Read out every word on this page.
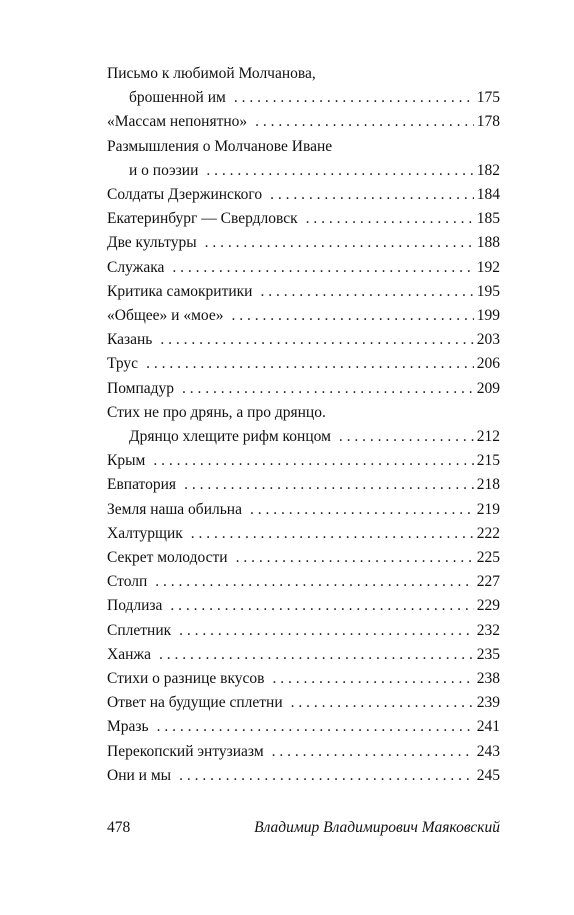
Письмо к любимой Молчанова,
брошенной им . . .	175
«Массам непонятно» . . .	178
Размышления о Молчанове Иване
и о поэзии . . .	182
Солдаты Дзержинского . . .	184
Екатеринбург — Свердловск . . .	185
Две культуры . . .	188
Служака . . .	192
Критика самокритики . . .	195
«Общее» и «мое» . . .	199
Казань . . .	203
Трус . . .	206
Помпадур . . .	209
Стих не про дрянь, а про дрянцо.
Дрянцо хлещите рифм концом . . .	212
Крым . . .	215
Евпатория . . .	218
Земля наша обильна . . .	219
Халтурщик . . .	222
Секрет молодости . . .	225
Столп . . .	227
Подлиза . . .	229
Сплетник . . .	232
Ханжа . . .	235
Стихи о разнице вкусов . . .	238
Ответ на будущие сплетни . . .	239
Мразь . . .	241
Перекопский энтузиазм . . .	243
Они и мы . . .	245
478	Владимир Владимирович Маяковский
